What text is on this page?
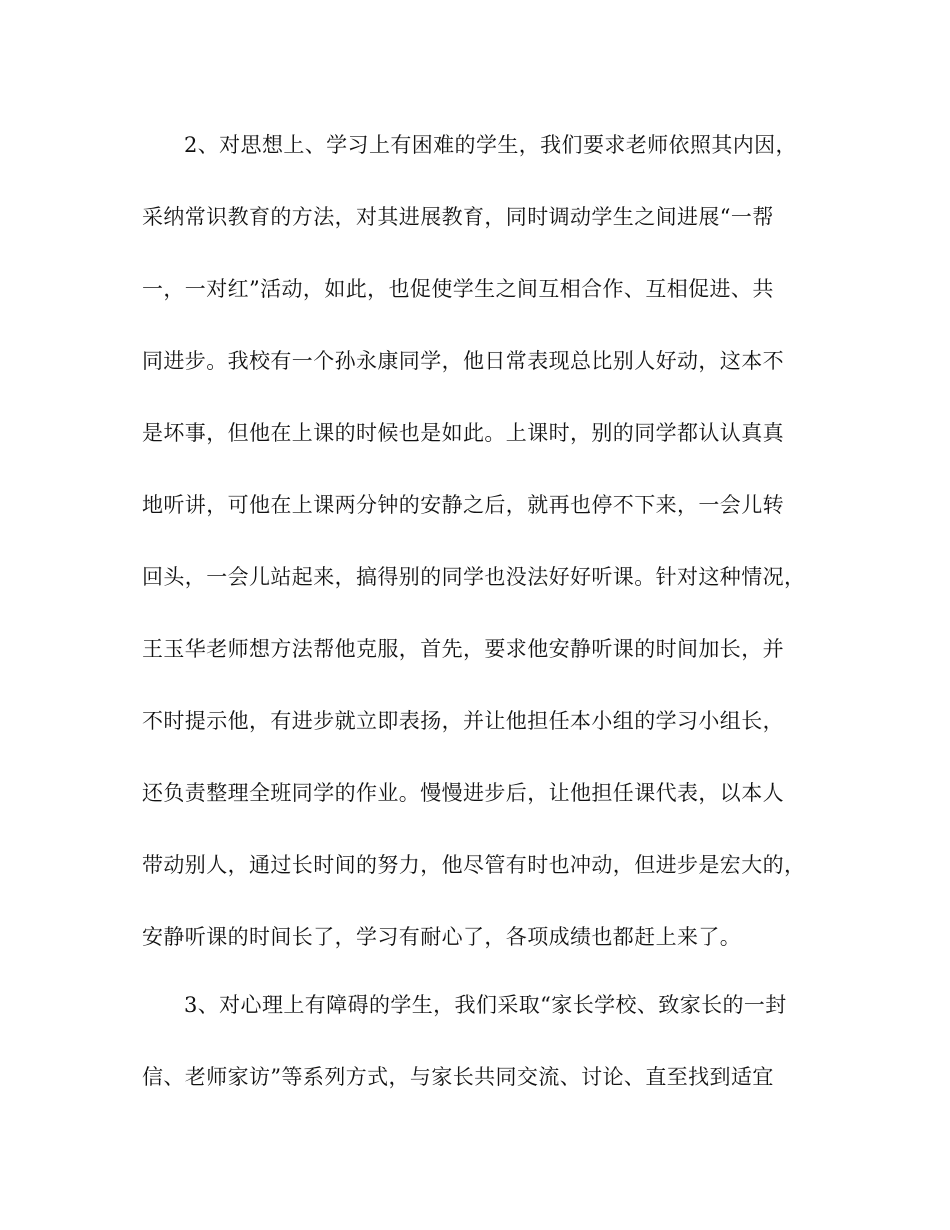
2、对思想上、学习上有困难的学生，我们要求老师依照其内因，
采纳常识教育的方法，对其进展教育，同时调动学生之间进展“一帮
一，一对红”活动，如此，也促使学生之间互相合作、互相促进、共
同进步。我校有一个孙永康同学，他日常表现总比别人好动，这本不
是坏事，但他在上课的时候也是如此。上课时，别的同学都认认真真
地听讲，可他在上课两分钟的安静之后，就再也停不下来，一会儿转
回头，一会儿站起来，搞得别的同学也没法好好听课。针对这种情况，
王玉华老师想方法帮他克服，首先，要求他安静听课的时间加长，并
不时提示他，有进步就立即表扬，并让他担任本小组的学习小组长，
还负责整理全班同学的作业。慢慢进步后，让他担任课代表，以本人
带动别人，通过长时间的努力，他尽管有时也冲动，但进步是宏大的，
安静听课的时间长了，学习有耐心了，各项成绩也都赶上来了。
3、对心理上有障碍的学生，我们采取“家长学校、致家长的一封
信、老师家访”等系列方式，与家长共同交流、讨论、直至找到适宜
